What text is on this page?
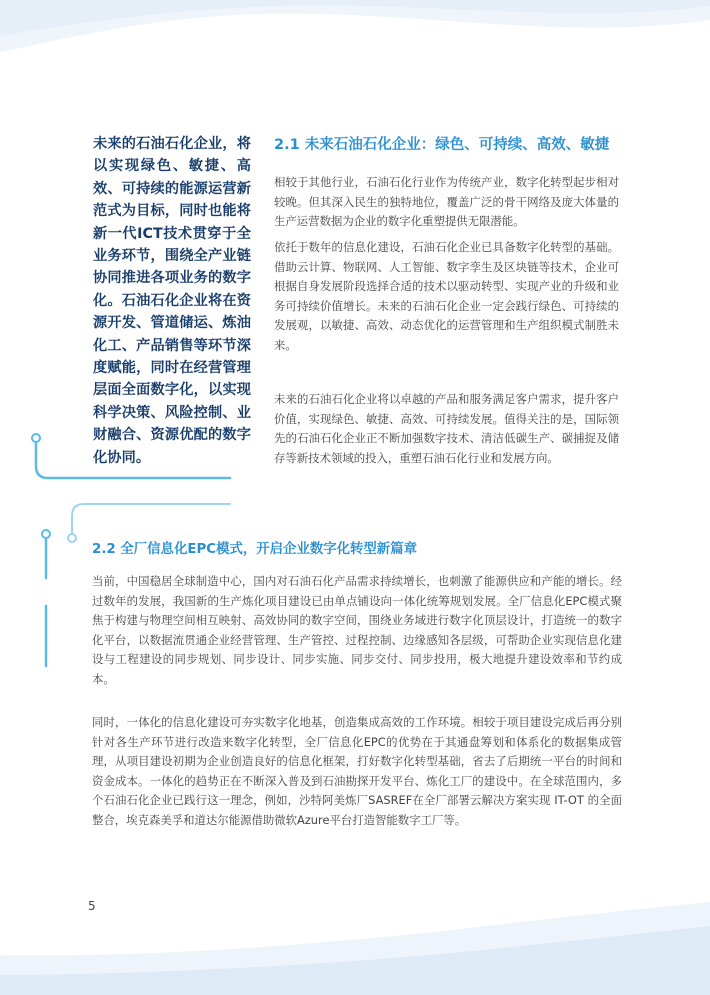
未来的石油石化企业，将以实现绿色、敏捷、高效、可持续的能源运营新范式为目标，同时也能将新一代ICT技术贯穿于全业务环节，围绕全产业链协同推进各项业务的数字化。石油石化企业将在资源开发、管道储运、炼油化工、产品销售等环节深度赋能，同时在经营管理层面全面数字化，以实现科学决策、风险控制、业财融合、资源优配的数字化协同。
2.1 未来石油石化企业：绿色、可持续、高效、敏捷

相较于其他行业，石油石化行业作为传统产业，数字化转型起步相对较晚。但其深入民生的独特地位，覆盖广泛的骨干网络及庞大体量的生产运营数据为企业的数字化重塑提供无限潜能。

依托于数年的信息化建设，石油石化企业已具备数字化转型的基础。借助云计算、物联网、人工智能、数字孪生及区块链等技术，企业可根据自身发展阶段选择合适的技术以驱动转型、实现产业的升级和业务可持续价值增长。未来的石油石化企业一定会践行绿色、可持续的发展观，以敏捷、高效、动态优化的运营管理和生产组织模式制胜未来。

未来的石油石化企业将以卓越的产品和服务满足客户需求，提升客户价值，实现绿色、敏捷、高效、可持续发展。值得关注的是，国际领先的石油石化企业正不断加强数字技术、清洁低碳生产、碳捕捉及储存等新技术领域的投入，重塑石油石化行业和发展方向。

2.2 全厂信息化EPC模式，开启企业数字化转型新篇章

当前，中国稳居全球制造中心，国内对石油石化产品需求持续增长，也刺激了能源供应和产能的增长。经过数年的发展，我国新的生产炼化项目建设已由单点铺设向一体化统筹规划发展。全厂信息化EPC模式聚焦于构建与物理空间相互映射、高效协同的数字空间，围绕业务域进行数字化顶层设计，打造统一的数字化平台，以数据流贯通企业经营管理、生产管控、过程控制、边缘感知各层级，可帮助企业实现信息化建设与工程建设的同步规划、同步设计、同步实施、同步交付、同步投用，极大地提升建设效率和节约成本。

同时，一体化的信息化建设可夯实数字化地基，创造集成高效的工作环境。相较于项目建设完成后再分别针对各生产环节进行改造来数字化转型，全厂信息化EPC的优势在于其通盘筹划和体系化的数据集成管理，从项目建设初期为企业创造良好的信息化框架，打好数字化转型基础，省去了后期统一平台的时间和资金成本。一体化的趋势正在不断深入普及到石油勘探开发平台、炼化工厂的建设中。在全球范围内，多个石油石化企业已践行这一理念，例如，沙特阿美炼厂SASREF在全厂部署云解决方案实现 IT-OT 的全面整合，埃克森美孚和道达尔能源借助微软Azure平台打造智能数字工厂等。

5
